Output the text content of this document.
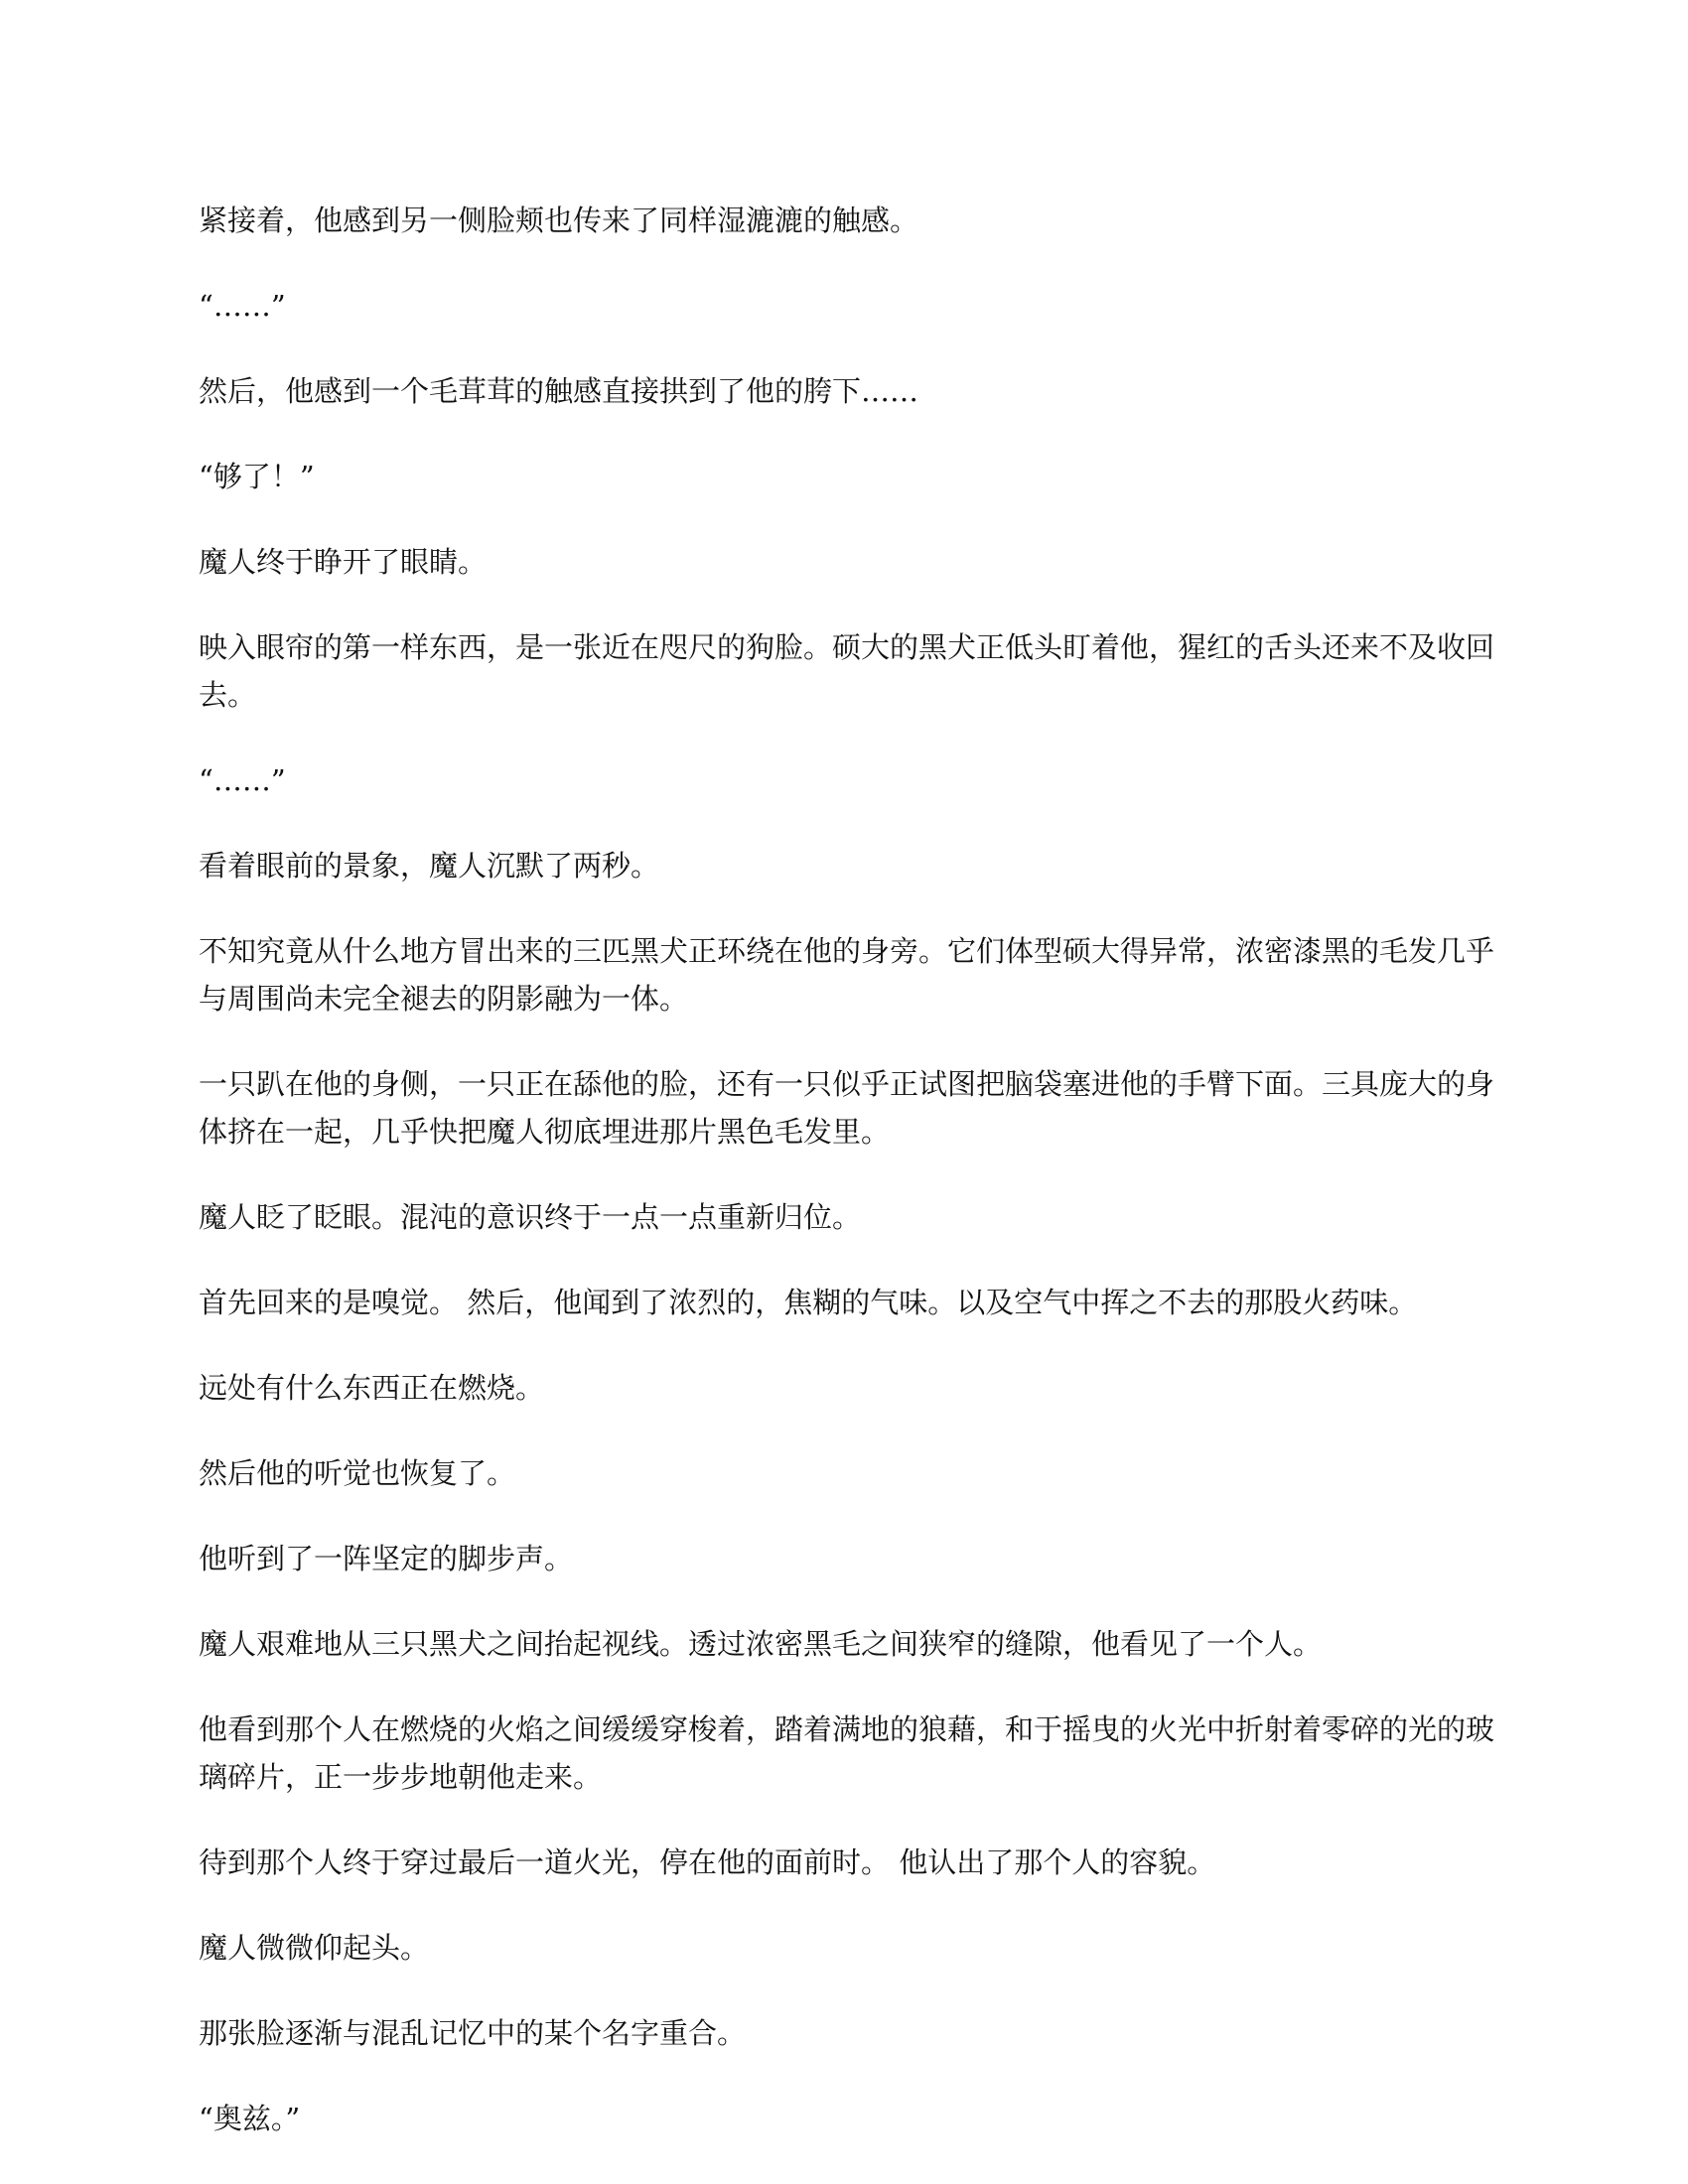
紧接着，他感到另一侧脸颊也传来了同样湿漉漉的触感。

“……”

然后，他感到一个毛茸茸的触感直接拱到了他的胯下……

“够了！”

魔人终于睁开了眼睛。

映入眼帘的第一样东西，是一张近在咫尺的狗脸。硕大的黑犬正低头盯着他，猩红的舌头还来不及收回去。

“……”

看着眼前的景象，魔人沉默了两秒。

不知究竟从什么地方冒出来的三匹黑犬正环绕在他的身旁。它们体型硕大得异常，浓密漆黑的毛发几乎与周围尚未完全褪去的阴影融为一体。

一只趴在他的身侧，一只正在舔他的脸，还有一只似乎正试图把脑袋塞进他的手臂下面。三具庞大的身体挤在一起，几乎快把魔人彻底埋进那片黑色毛发里。

魔人眨了眨眼。混沌的意识终于一点一点重新归位。

首先回来的是嗅觉。 然后，他闻到了浓烈的，焦糊的气味。以及空气中挥之不去的那股火药味。

远处有什么东西正在燃烧。

然后他的听觉也恢复了。

他听到了一阵坚定的脚步声。

魔人艰难地从三只黑犬之间抬起视线。透过浓密黑毛之间狭窄的缝隙，他看见了一个人。

他看到那个人在燃烧的火焰之间缓缓穿梭着，踏着满地的狼藉，和于摇曳的火光中折射着零碎的光的玻璃碎片，正一步步地朝他走来。

待到那个人终于穿过最后一道火光，停在他的面前时。 他认出了那个人的容貌。

魔人微微仰起头。

那张脸逐渐与混乱记忆中的某个名字重合。

“奥兹。”
